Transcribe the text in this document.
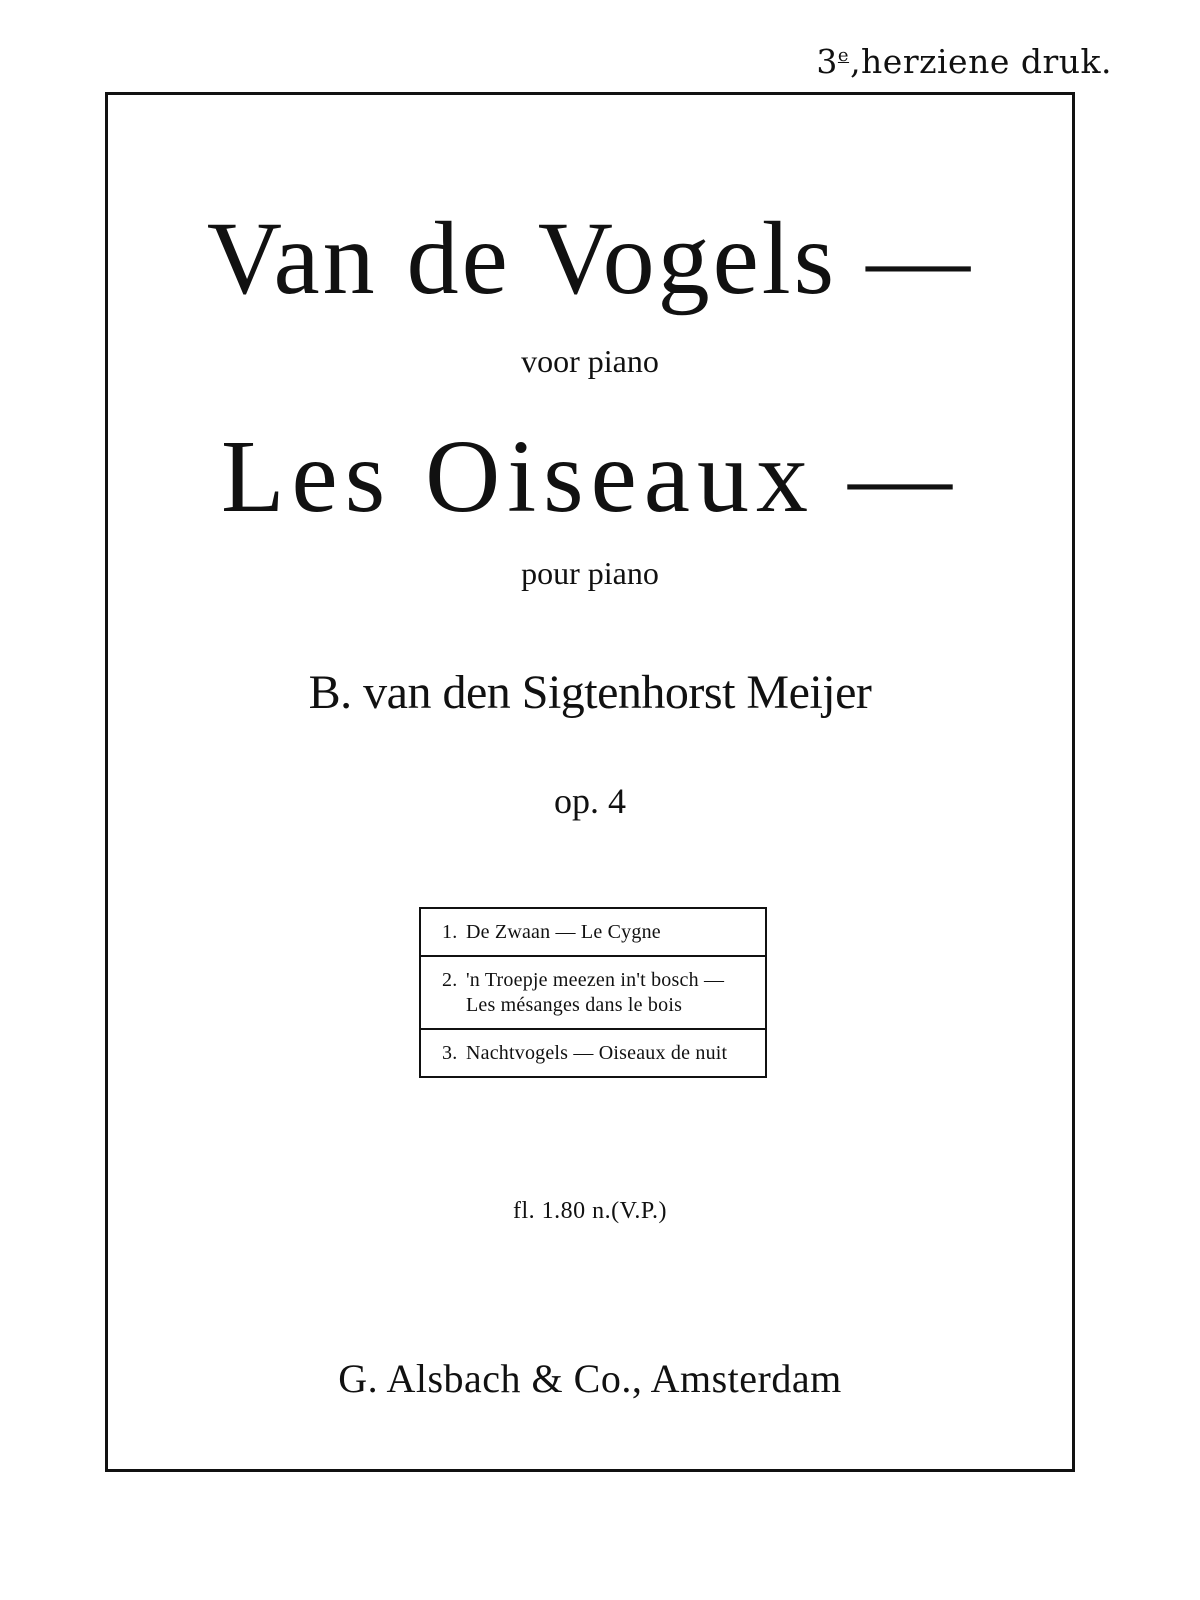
3e,herziene druk.
Van de Vogels —
voor piano
Les Oiseaux —
pour piano
B. van den Sigtenhorst Meijer
op. 4
1. De Zwaan — Le Cygne
2. 'n Troepje meezen in't bosch —
Les mésanges dans le bois
3. Nachtvogels — Oiseaux de nuit
fl. 1.80 n.(V.P.)
G. Alsbach & Co., Amsterdam
